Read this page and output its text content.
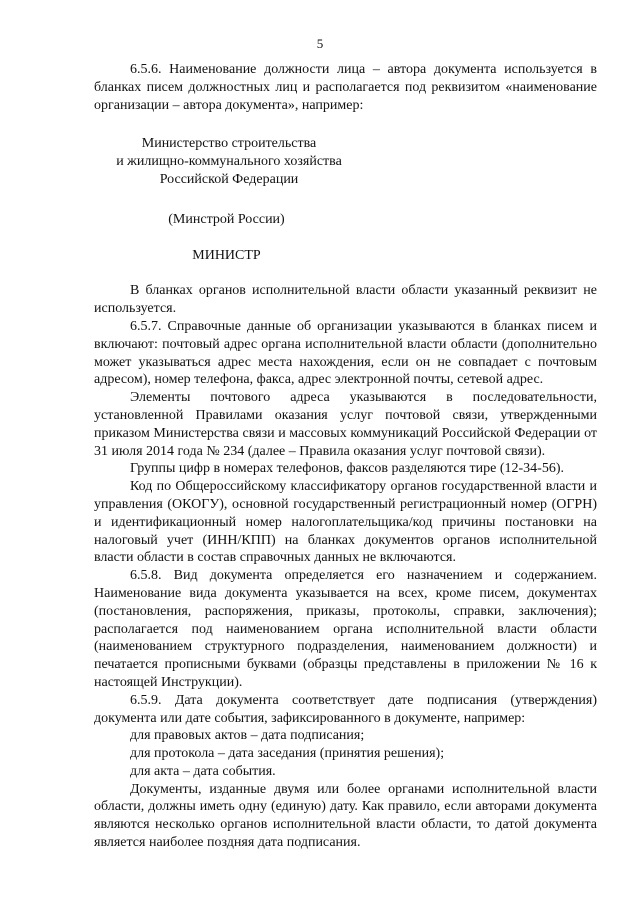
5

6.5.6. Наименование должности лица – автора документа используется в бланках писем должностных лиц и располагается под реквизитом «наименование организации – автора документа», например:

Министерство строительства
и жилищно-коммунального хозяйства
Российской Федерации
(Минстрой России)
МИНИСТР

В бланках органов исполнительной власти области указанный реквизит не используется.

6.5.7. Справочные данные об организации указываются в бланках писем и включают: почтовый адрес органа исполнительной власти области (дополнительно может указываться адрес места нахождения, если он не совпадает с почтовым адресом), номер телефона, факса, адрес электронной почты, сетевой адрес.

Элементы почтового адреса указываются в последовательности, установленной Правилами оказания услуг почтовой связи, утвержденными приказом Министерства связи и массовых коммуникаций Российской Федерации от 31 июля 2014 года № 234 (далее – Правила оказания услуг почтовой связи).

Группы цифр в номерах телефонов, факсов разделяются тире (12-34-56).

Код по Общероссийскому классификатору органов государственной власти и управления (ОКОГУ), основной государственный регистрационный номер (ОГРН) и идентификационный номер налогоплательщика/код причины постановки на налоговый учет (ИНН/КПП) на бланках документов органов исполнительной власти области в состав справочных данных не включаются.

6.5.8. Вид документа определяется его назначением и содержанием. Наименование вида документа указывается на всех, кроме писем, документах (постановления, распоряжения, приказы, протоколы, справки, заключения); располагается под наименованием органа исполнительной власти области (наименованием структурного подразделения, наименованием должности) и печатается прописными буквами (образцы представлены в приложении № 16 к настоящей Инструкции).

6.5.9. Дата документа соответствует дате подписания (утверждения) документа или дате события, зафиксированного в документе, например:

для правовых актов – дата подписания;

для протокола – дата заседания (принятия решения);

для акта – дата события.

Документы, изданные двумя или более органами исполнительной власти области, должны иметь одну (единую) дату. Как правило, если авторами документа являются несколько органов исполнительной власти области, то датой документа является наиболее поздняя дата подписания.
